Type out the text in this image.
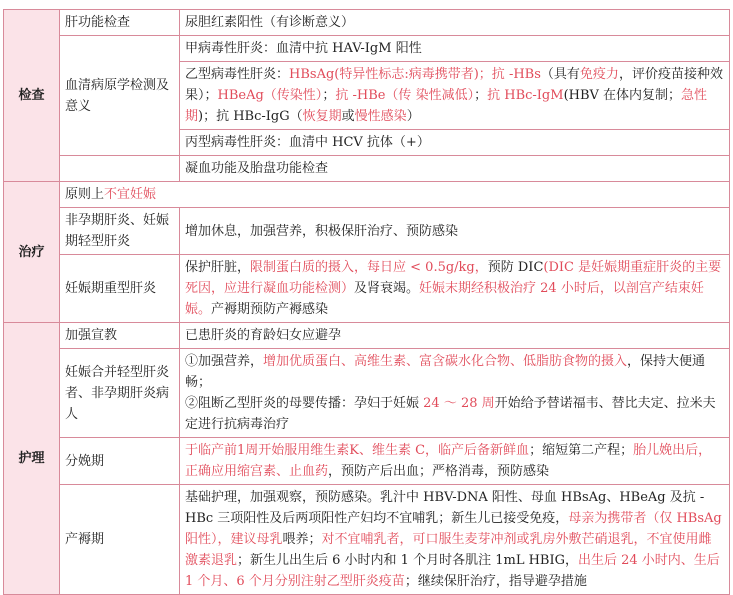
检查	肝功能检查	尿胆红素阳性（有诊断意义）
	血清病原学检测及意义	甲病毒性肝炎：血清中抗 HAV-IgM 阳性
		乙型病毒性肝炎：HBsAg(特异性标志:病毒携带者)；抗 -HBs（具有免疫力，评价疫苗接种效果）；HBeAg（传染性）；抗 -HBe（传 染性减低）；抗 HBc-IgM(HBV 在体内复制；急性期)；抗 HBc-IgG（恢复期或慢性感染）
		丙型病毒性肝炎：血清中 HCV 抗体（+）
		凝血功能及胎盘功能检查
治疗	原则上不宜妊娠	
	非孕期肝炎、妊娠期轻型肝炎	增加休息，加强营养，积极保肝治疗、预防感染
	妊娠期重型肝炎	保护肝脏，限制蛋白质的摄入，每日应 < 0.5g/kg，预防 DIC(DIC 是妊娠期重症肝炎的主要死因，应进行凝血功能检测）及肾衰竭。妊娠末期经积极治疗 24 小时后，以剖宫产结束妊娠。产褥期预防产褥感染
护理	加强宣教	已患肝炎的育龄妇女应避孕
	妊娠合并轻型肝炎者、非孕期肝炎病人	①加强营养，增加优质蛋白、高维生素、富含碳水化合物、低脂肪食物的摄入，保持大便通畅；
②阻断乙型肝炎的母婴传播：孕妇于妊娠 24 ～ 28 周开始给予替诺福韦、替比夫定、拉米夫定进行抗病毒治疗

	分娩期	于临产前1周开始服用维生素K、维生素 C，临产后备新鲜血；缩短第二产程；胎儿娩出后，正确应用缩宫素、止血药，预防产后出血；严格消毒，预防感染
	产褥期	基础护理，加强观察，预防感染。乳汁中 HBV-DNA 阳性、母血 HBsAg、HBeAg 及抗 -HBc 三项阳性及后两项阳性产妇均不宜哺乳；新生儿已接受免疫，母亲为携带者（仅 HBsAg 阳性），建议母乳喂养；对不宜哺乳者，可口服生麦芽冲剂或乳房外敷芒硝退乳，不宜使用雌激素退乳；新生儿出生后 6 小时内和 1 个月时各肌注 1mL HBIG，出生后 24 小时内、生后 1 个月、6 个月分别注射乙型肝炎疫苗；继续保肝治疗，指导避孕措施
